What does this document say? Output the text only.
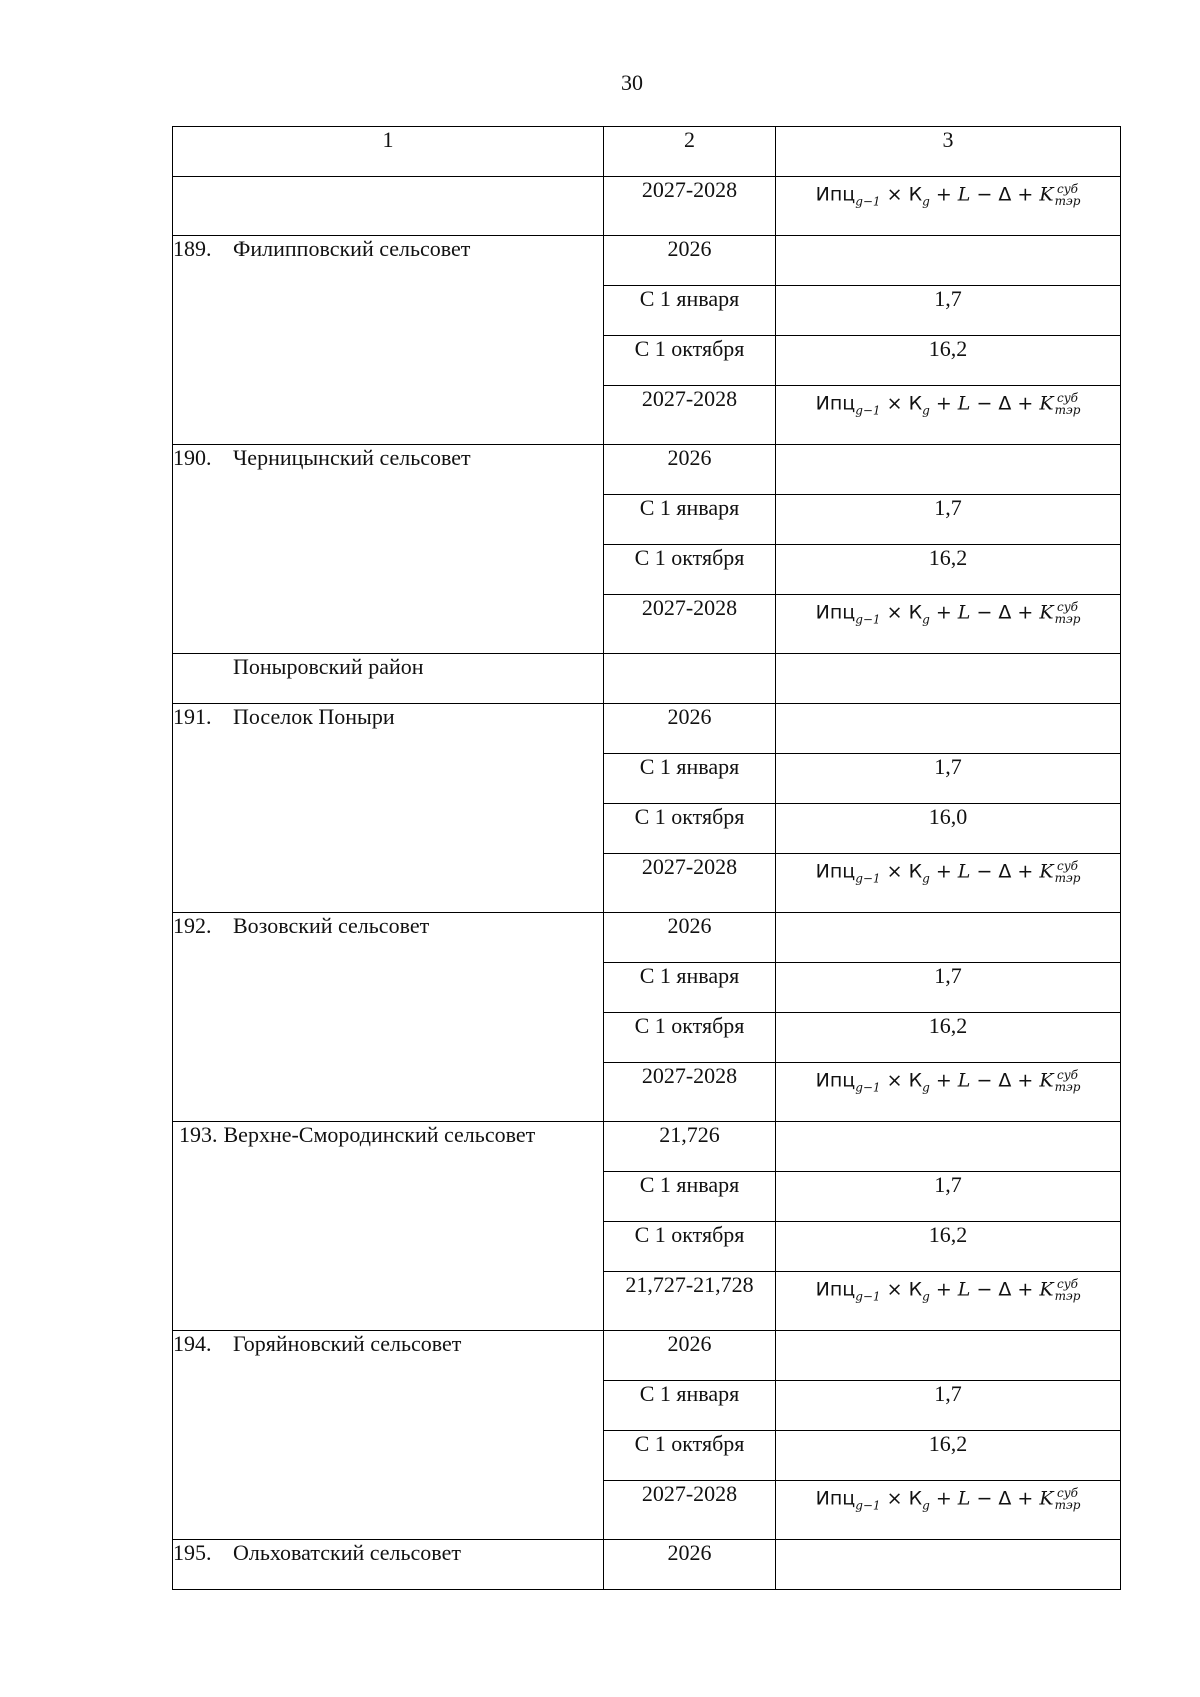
30
1	2	3
	2027-2028	$Ипц_{g-1} \times К_g + L - \Delta + K$ суб
тэр

189. Филипповский сельсовет	2026	
	С 1 января	1,7
	С 1 октября	16,2
	2027-2028	$Ипц_{g-1} \times К_g + L - \Delta + K$ суб
тэр

190. Черницынский сельсовет	2026	
	С 1 января	1,7
	С 1 октября	16,2
	2027-2028	$Ипц_{g-1} \times К_g + L - \Delta + K$ суб
тэр

Поныровский район		
191. Поселок Поныри	2026	
	С 1 января	1,7
	С 1 октября	16,0
	2027-2028	$Ипц_{g-1} \times К_g + L - \Delta + K$ суб
тэр

192. Возовский сельсовет	2026	
	С 1 января	1,7
	С 1 октября	16,2
	2027-2028	$Ипц_{g-1} \times К_g + L - \Delta + K$ суб
тэр

193. Верхне-Смородинский сельсовет	21,726	
	С 1 января	1,7
	С 1 октября	16,2
	21,727-21,728	$Ипц_{g-1} \times К_g + L - \Delta + K$ суб
тэр

194. Горяйновский сельсовет	2026	
	С 1 января	1,7
	С 1 октября	16,2
	2027-2028	$Ипц_{g-1} \times К_g + L - \Delta + K$ суб
тэр

195. Ольховатский сельсовет	2026	
